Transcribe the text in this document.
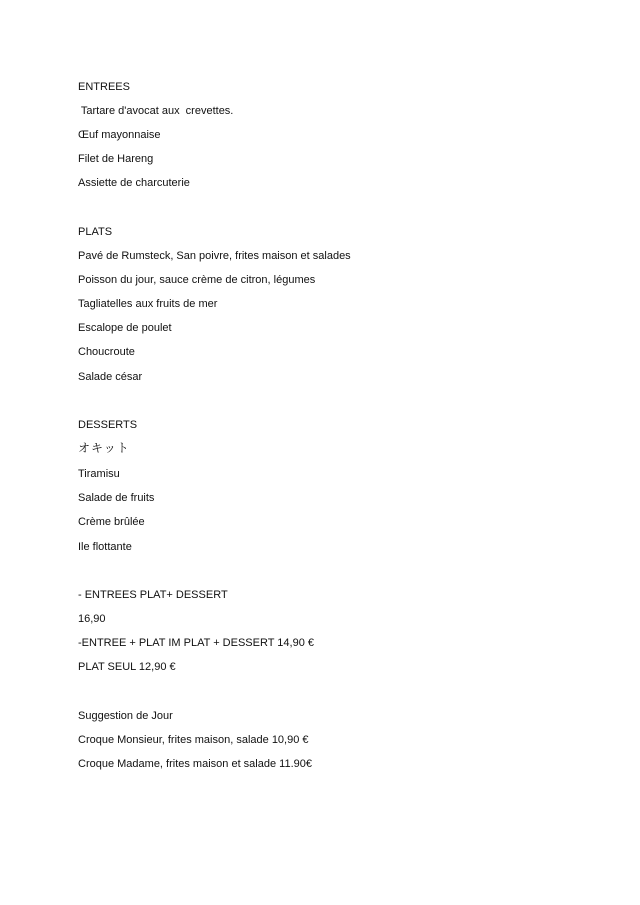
ENTREES
Tartare d'avocat aux  crevettes.
Œuf mayonnaise
Filet de Hareng
Assiette de charcuterie
PLATS
Pavé de Rumsteck, San poivre, frites maison et salades
Poisson du jour, sauce crème de citron, légumes
Tagliatelles aux fruits de mer
Escalope de poulet
Choucroute
Salade césar
DESSERTS
オキット
Tiramisu
Salade de fruits
Crème brûlée
Ile flottante
- ENTREES PLAT+ DESSERT
16,90
-ENTREE + PLAT IM PLAT + DESSERT 14,90 €
PLAT SEUL 12,90 €
Suggestion de Jour
Croque Monsieur, frites maison, salade 10,90 €
Croque Madame, frites maison et salade 11.90€
